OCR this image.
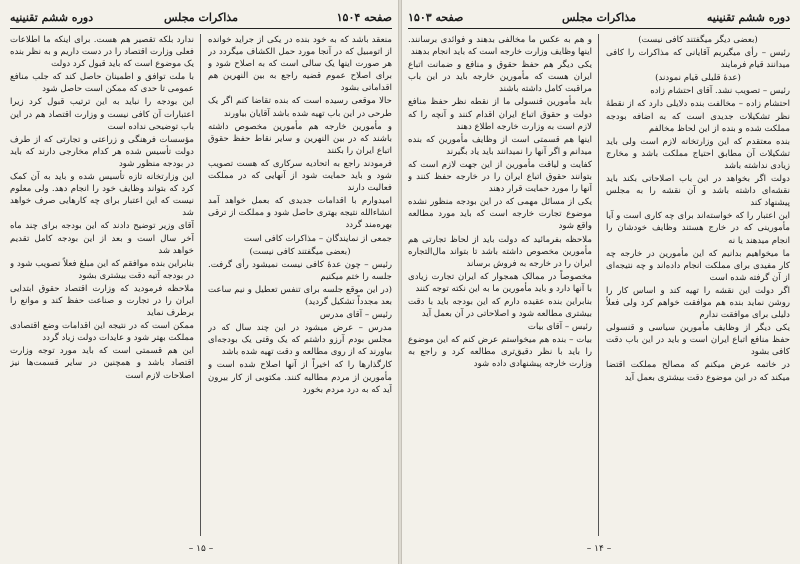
صفحه ۱۵۰۴
مذاکرات مجلس
دوره ششم تقنینیه

منعقد باشد که به خود بنده در یکی از جراید خوانده از اتومبیل که در آنجا مورد حمل الکشاف میگردد در هر صورت اینها یک سالی است که به اصلاح شود و برای اصلاح عموم قضیه راجع به بین النهرین هم اقداماتی بشود

حالا موقعی رسیده است که بنده تقاضا کنم اگر یک طرحی در این باب تهیه شده باشد آقایان بیاورند

و مأمورین خارجه هم مأمورین مخصوص داشته باشند که در بین النهرین و سایر نقاط حفظ حقوق اتباع ایران را بکنند

فرمودند راجع به اتحادیه سرکاری که هست تصویب شود و باید حمایت شود از آنهایی که در مملکت فعالیت دارند

امیدوارم با اقدامات جدیدی که بعمل خواهد آمد انشاءالله نتیجه بهتری حاصل شود و مملکت از ترقی بهره‌مند گردد

جمعی از نمایندگان – مذاکرات کافی است

(بعضی میگفتند کافی نیست)

رئیس – چون عدهٔ کافی نیست نمیشود رأی گرفت. جلسه را ختم میکنیم

(در این موقع جلسه برای تنفس تعطیل و نیم ساعت بعد مجدداً تشکیل گردید)

رئیس – آقای مدرس

مدرس – عرض میشود در این چند سال که در مجلس بودم آرزو داشتم که یک وقتی یک بودجه‌ای بیاورند که از روی مطالعه و دقت تهیه شده باشد

کارگذارها را که اخیراً از آنها اصلاح شده است و مأمورین از مردم مطالبه کنند. مکتوبی از کار بیرون آید که به درد مردم بخورد

ندارد بلکه تقصیر هم هست. برای اینکه ما اطلاعات فعلی وزارت اقتصاد را در دست داریم و به نظر بنده یک موضوع است که باید قبول کرد دولت

با ملت توافق و اطمینان حاصل کند که جلب منافع عمومی تا حدی که ممکن است حاصل شود

این بودجه را نباید به این ترتیب قبول کرد زیرا اعتبارات آن کافی نیست و وزارت اقتصاد هم در این باب توضیحی نداده است

مؤسسات فرهنگی و زراعتی و تجارتی که از طرف دولت تأسیس شده هر کدام مخارجی دارند که باید در بودجه منظور شود

این وزارتخانه تازه تأسیس شده و باید به آن کمک کرد که بتواند وظایف خود را انجام دهد. ولی معلوم نیست که این اعتبار برای چه کارهایی صرف خواهد شد

آقای وزیر توضیح دادند که این بودجه برای چند ماه آخر سال است و بعد از این بودجه کامل تقدیم خواهد شد

بنابراین بنده موافقم که این مبلغ فعلاً تصویب شود و در بودجه آتیه دقت بیشتری بشود

ملاحظه فرمودید که وزارت اقتصاد حقوق ابتدایی ایران را در تجارت و صناعت حفظ کند و موانع را برطرف نماید

ممکن است که در نتیجه این اقدامات وضع اقتصادی مملکت بهتر شود و عایدات دولت زیاد گردد

این هم قسمتی است که باید مورد توجه وزارت اقتصاد باشد و همچنین در سایر قسمت‌ها نیز اصلاحات لازم است

– ۱۵ –
دوره ششم تقنینیه
مذاکرات مجلس
صفحه ۱۵۰۳

(بعضی دیگر میگفتند کافی نیست)

رئیس – رأی میگیریم آقایانی که مذاکرات را کافی میدانند قیام فرمایند

(عدهٔ قلیلی قیام نمودند)

رئیس – تصویب نشد. آقای احتشام زاده

احتشام زاده – مخالفت بنده دلایلی دارد که از نقطهٔ نظر تشکیلات جدیدی است که به اضافه بودجه مملکت شده و بنده از این لحاظ مخالفم

بنده معتقدم که این وزارتخانه لازم است ولی باید تشکیلات آن مطابق احتیاج مملکت باشد و مخارج زیادی نداشته باشد

دولت اگر بخواهد در این باب اصلاحاتی بکند باید نقشه‌ای داشته باشد و آن نقشه را به مجلس پیشنهاد کند

این اعتبار را که خواسته‌اند برای چه کاری است و آیا مأمورینی که در خارج هستند وظایف خودشان را انجام میدهند یا نه

ما میخواهیم بدانیم که این مأمورین در خارجه چه کار مفیدی برای مملکت انجام داده‌اند و چه نتیجه‌ای از آن گرفته شده است

اگر دولت این نقشه را تهیه کند و اساس کار را روشن نماید بنده هم موافقت خواهم کرد ولی فعلاً دلیلی برای موافقت ندارم

یکی دیگر از وظایف مأمورین سیاسی و قنسولی حفظ منافع اتباع ایران است و باید در این باب دقت کافی بشود

در خاتمه عرض میکنم که مصالح مملکت اقتضا میکند که در این موضوع دقت بیشتری بعمل آید

و هم به عکس ما مخالفی بدهند و فوائدی برسانند. اینها وظایف وزارت خارجه است که باید انجام بدهند

یکی دیگر هم حفظ حقوق و منافع و ضمانت اتباع ایران هست که مأمورین خارجه باید در این باب مراقبت کامل داشته باشند

باید مأمورین قنسولی ما از نقطه نظر حفظ منافع دولت و حقوق اتباع ایران اقدام کنند و آنچه را که لازم است به وزارت خارجه اطلاع دهند

اینها هم قسمتی است از وظایف مأمورین که بنده میدانم و اگر آنها را نمیدانند باید یاد بگیرند

کفایت و لیاقت مأمورین از این جهت لازم است که بتوانند حقوق اتباع ایران را در خارجه حفظ کنند و آنها را مورد حمایت قرار دهند

یکی از مسائل مهمی که در این بودجه منظور نشده موضوع تجارت خارجه است که باید مورد مطالعه واقع شود

ملاحظه بفرمائید که دولت باید از لحاظ تجارتی هم مأمورین مخصوص داشته باشد تا بتواند مال‌التجاره ایران را در خارجه به فروش برساند

مخصوصاً در ممالک همجوار که ایران تجارت زیادی با آنها دارد و باید مأمورین ما به این نکته توجه کنند

بنابراین بنده عقیده دارم که این بودجه باید با دقت بیشتری مطالعه شود و اصلاحاتی در آن بعمل آید

رئیس – آقای بیات

بیات – بنده هم میخواستم عرض کنم که این موضوع را باید با نظر دقیق‌تری مطالعه کرد و راجع به وزارت خارجه پیشنهادی داده شود

– ۱۴ –
